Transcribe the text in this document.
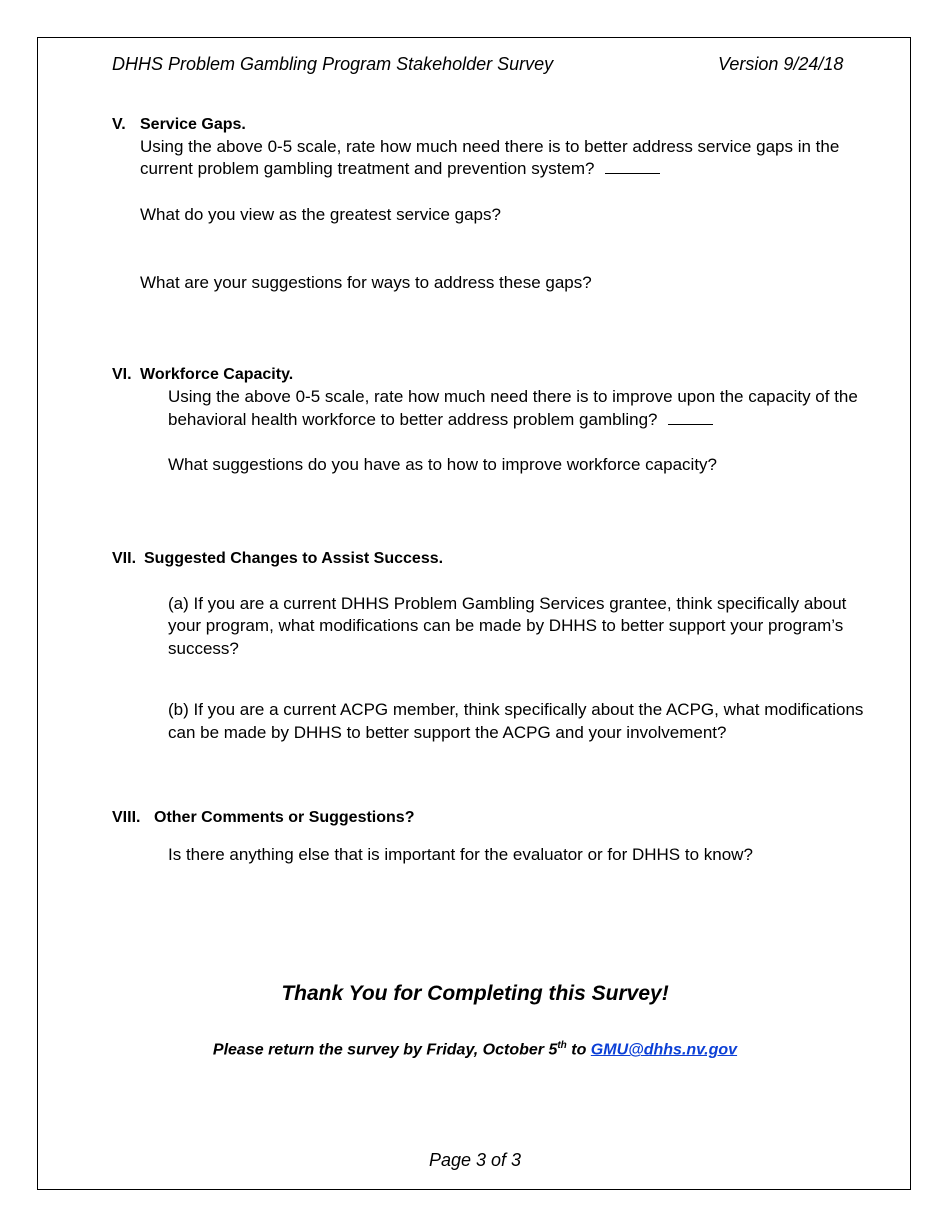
DHHS Problem Gambling Program Stakeholder Survey	Version 9/24/18
V. Service Gaps.
Using the above 0-5 scale, rate how much need there is to better address service gaps in the
current problem gambling treatment and prevention system?
What do you view as the greatest service gaps?
What are your suggestions for ways to address these gaps?
VI. Workforce Capacity.
Using the above 0-5 scale, rate how much need there is to improve upon the capacity of the
behavioral health workforce to better address problem gambling?
What suggestions do you have as to how to improve workforce capacity?
VII. Suggested Changes to Assist Success.
(a) If you are a current DHHS Problem Gambling Services grantee, think specifically about
your program, what modifications can be made by DHHS to better support your program’s
success?
(b) If you are a current ACPG member, think specifically about the ACPG, what modifications
can be made by DHHS to better support the ACPG and your involvement?
VIII. Other Comments or Suggestions?
Is there anything else that is important for the evaluator or for DHHS to know?
Thank You for Completing this Survey!
Please return the survey by Friday, October 5th to GMU@dhhs.nv.gov
Page 3 of 3
